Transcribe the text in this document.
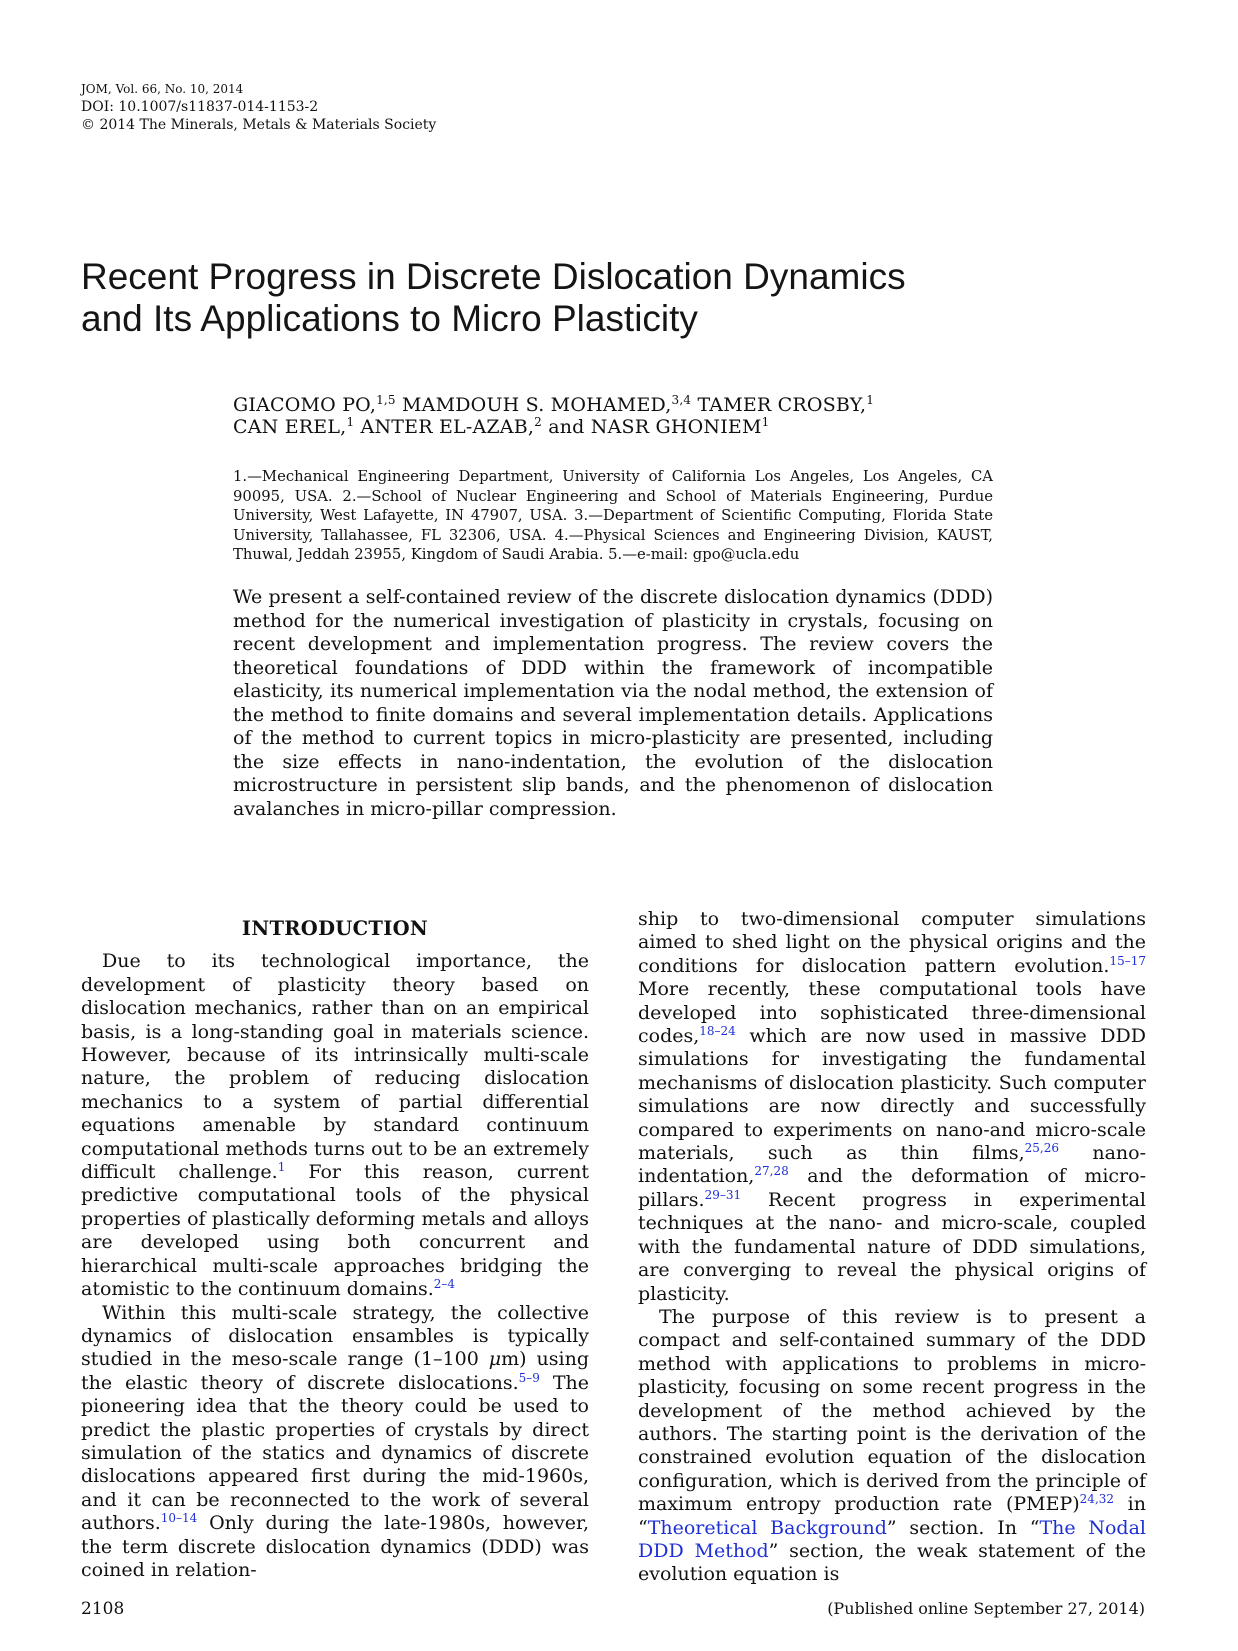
JOM, Vol. 66, No. 10, 2014
DOI: 10.1007/s11837-014-1153-2
© 2014 The Minerals, Metals & Materials Society
Recent Progress in Discrete Dislocation Dynamics
and Its Applications to Micro Plasticity
GIACOMO PO,$^{1,5}$ MAMDOUH S. MOHAMED,$^{3,4}$ TAMER CROSBY,$^1$
CAN EREL,$^1$ ANTER EL-AZAB,$^2$ and NASR GHONIEM$^1$
1.—Mechanical Engineering Department, University of California Los Angeles, Los Angeles, CA 90095, USA. 2.—School of Nuclear Engineering and School of Materials Engineering, Purdue University, West Lafayette, IN 47907, USA. 3.—Department of Scientific Computing, Florida State University, Tallahassee, FL 32306, USA. 4.—Physical Sciences and Engineering Division, KAUST, Thuwal, Jeddah 23955, Kingdom of Saudi Arabia. 5.—e-mail: gpo@ucla.edu
We present a self-contained review of the discrete dislocation dynamics (DDD) method for the numerical investigation of plasticity in crystals, focusing on recent development and implementation progress. The review covers the theoretical foundations of DDD within the framework of incompatible elasticity, its numerical implementation via the nodal method, the extension of the method to finite domains and several implementation details. Applications of the method to current topics in micro-plasticity are presented, including the size effects in nano-indentation, the evolution of the dislocation microstructure in persistent slip bands, and the phenomenon of dislocation avalanches in micro-pillar compression.
INTRODUCTION

Due to its technological importance, the development of plasticity theory based on dislocation mechanics, rather than on an empirical basis, is a long-standing goal in materials science. However, because of its intrinsically multi-scale nature, the problem of reducing dislocation mechanics to a system of partial differential equations amenable by standard continuum computational methods turns out to be an extremely difficult challenge.$^1$ For this reason, current predictive computational tools of the physical properties of plastically deforming metals and alloys are developed using both concurrent and hierarchical multi-scale approaches bridging the atomistic to the continuum domains.$^{2-4}$

Within this multi-scale strategy, the collective dynamics of dislocation ensambles is typically studied in the meso-scale range (1–100 μm) using the elastic theory of discrete dislocations.$^{5-9}$ The pioneering idea that the theory could be used to predict the plastic properties of crystals by direct simulation of the statics and dynamics of discrete dislocations appeared first during the mid-1960s, and it can be reconnected to the work of several authors.$^{10-14}$ Only during the late-1980s, however, the term discrete dislocation dynamics (DDD) was coined in relation-

ship to two-dimensional computer simulations aimed to shed light on the physical origins and the conditions for dislocation pattern evolution.$^{15-17}$ More recently, these computational tools have developed into sophisticated three-dimensional codes,$^{18-24}$ which are now used in massive DDD simulations for investigating the fundamental mechanisms of dislocation plasticity. Such computer simulations are now directly and successfully compared to experiments on nano-and micro-scale materials, such as thin films,$^{25,26}$ nano-indentation,$^{27,28}$ and the deformation of micro-pillars.$^{29-31}$ Recent progress in experimental techniques at the nano- and micro-scale, coupled with the fundamental nature of DDD simulations, are converging to reveal the physical origins of plasticity.

The purpose of this review is to present a compact and self-contained summary of the DDD method with applications to problems in micro-plasticity, focusing on some recent progress in the development of the method achieved by the authors. The starting point is the derivation of the constrained evolution equation of the dislocation configuration, which is derived from the principle of maximum entropy production rate (PMEP)$^{24,32}$ in “Theoretical Background” section. In “The Nodal DDD Method” section, the weak statement of the evolution equation is

2108	(Published online September 27, 2014)
